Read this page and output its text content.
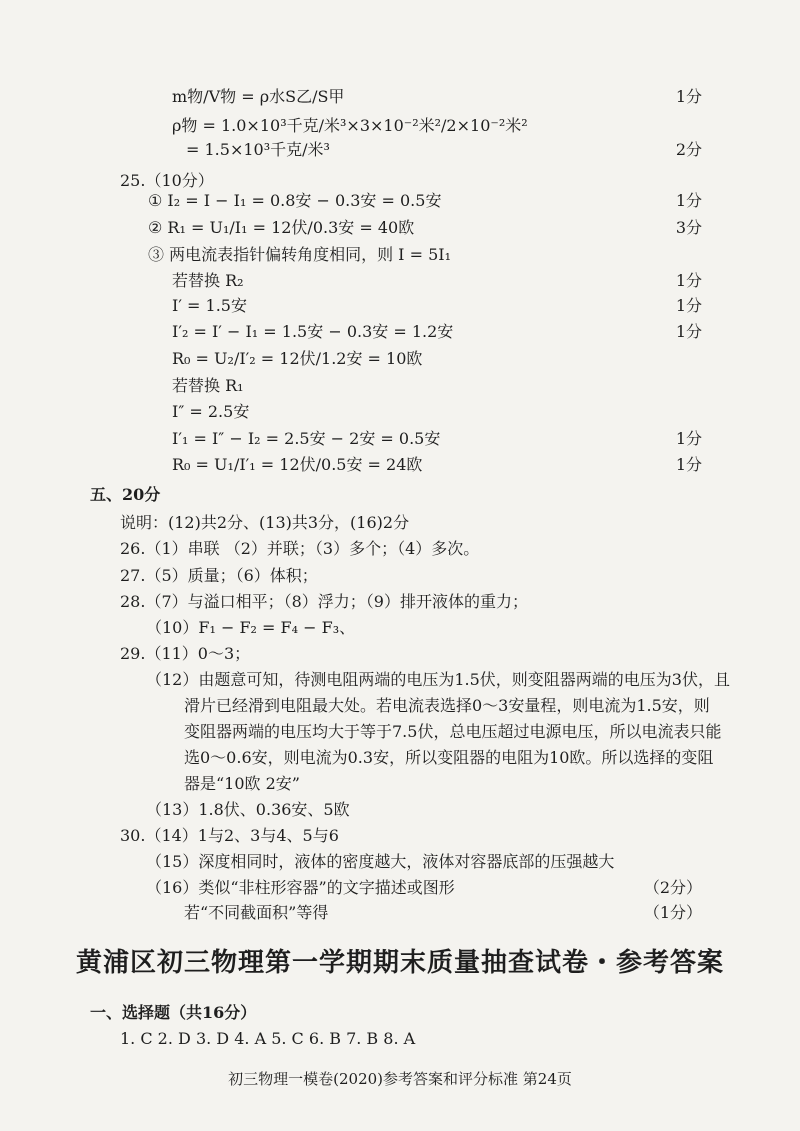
m物/V物 = ρ水S乙/S甲	1分
ρ物 = 1.0×10³千克/米³×3×10⁻²米²/2×10⁻²米²
= 1.5×10³千克/米³	2分
25.（10分）
① I₂ = I − I₁ = 0.8安 − 0.3安 = 0.5安	1分
② R₁ = U₁/I₁ = 12伏/0.3安 = 40欧	3分
③ 两电流表指针偏转角度相同，则 I = 5I₁
若替换 R₂	1分
I′ = 1.5安	1分
I′₂ = I′ − I₁ = 1.5安 − 0.3安 = 1.2安	1分
R₀ = U₂/I′₂ = 12伏/1.2安 = 10欧
若替换 R₁
I″ = 2.5安
I′₁ = I″ − I₂ = 2.5安 − 2安 = 0.5安	1分
R₀ = U₁/I′₁ = 12伏/0.5安 = 24欧	1分
五、20分
说明：(12)共2分、(13)共3分，(16)2分
26.（1）串联 （2）并联；（3）多个；（4）多次。
27.（5）质量；（6）体积；
28.（7）与溢口相平；（8）浮力；（9）排开液体的重力；
（10）F₁ − F₂ = F₄ − F₃、
29.（11）0～3；
（12）由题意可知，待测电阻两端的电压为1.5伏，则变阻器两端的电压为3伏，且
滑片已经滑到电阻最大处。若电流表选择0～3安量程，则电流为1.5安，则
变阻器两端的电压均大于等于7.5伏，总电压超过电源电压，所以电流表只能
选0～0.6安，则电流为0.3安，所以变阻器的电阻为10欧。所以选择的变阻
器是“10欧 2安”
（13）1.8伏、0.36安、5欧
30.（14）1与2、3与4、5与6
（15）深度相同时，液体的密度越大，液体对容器底部的压强越大
（16）类似“非柱形容器”的文字描述或图形	（2分）
若“不同截面积”等得	（1分）
黄浦区初三物理第一学期期末质量抽查试卷・参考答案
一、选择题（共16分）
1. C 2. D 3. D 4. A 5. C 6. B 7. B 8. A
初三物理一模卷(2020)参考答案和评分标准 第24页
